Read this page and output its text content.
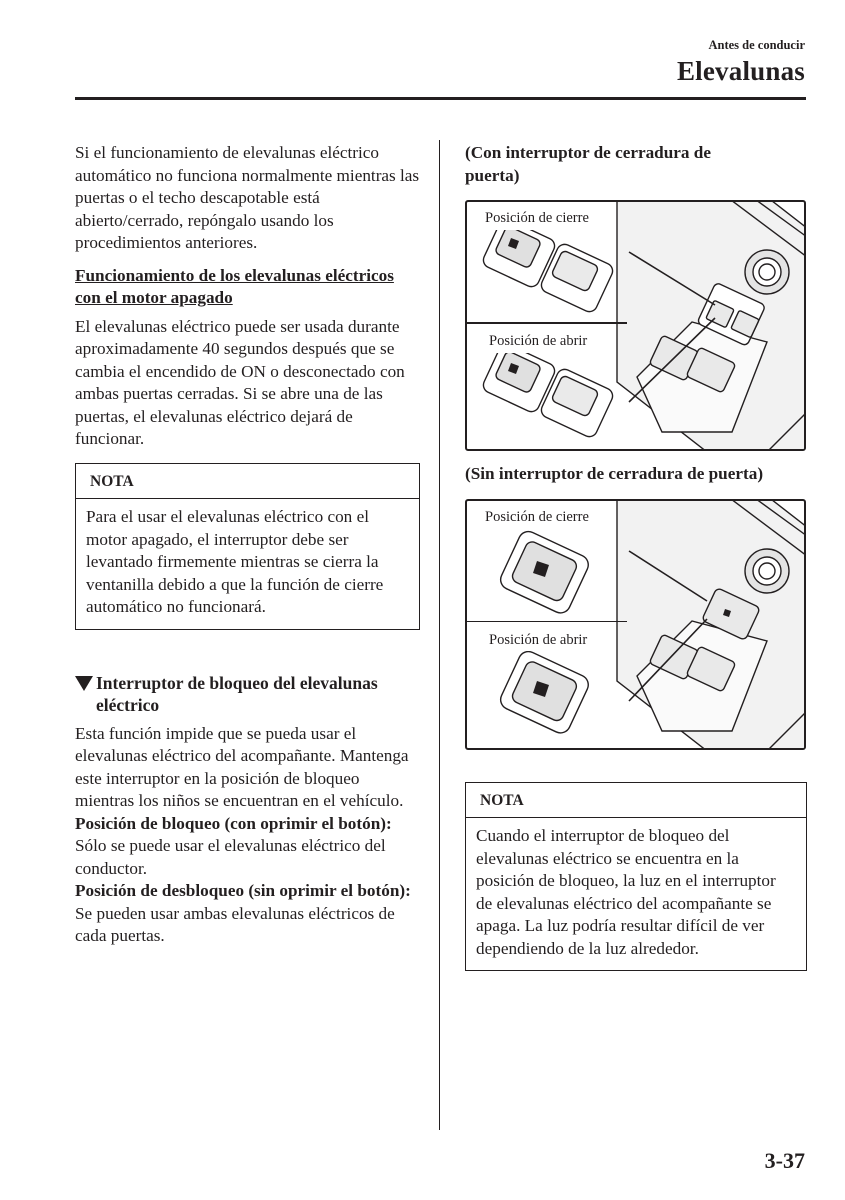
Antes de conducir
Elevalunas

Si el funcionamiento de elevalunas eléctrico automático no funciona normalmente mientras las puertas o el techo descapotable está abierto/cerrado, repóngalo usando los procedimientos anteriores.

Funcionamiento de los elevalunas eléctricos con el motor apagado

El elevalunas eléctrico puede ser usada durante aproximadamente 40 segundos después que se cambia el encendido de ON o desconectado con ambas puertas cerradas. Si se abre una de las puertas, el elevalunas eléctrico dejará de funcionar.

NOTA
Para el usar el elevalunas eléctrico con el motor apagado, el interruptor debe ser levantado firmemente mientras se cierra la ventanilla debido a que la función de cierre automático no funcionará.
Interruptor de bloqueo del elevalunas eléctrico

Esta función impide que se pueda usar el elevalunas eléctrico del acompañante. Mantenga este interruptor en la posición de bloqueo mientras los niños se encuentran en el vehículo.

Posición de bloqueo (con oprimir el botón):

Sólo se puede usar el elevalunas eléctrico del conductor.

Posición de desbloqueo (sin oprimir el botón):

Se pueden usar ambas elevalunas eléctricos de cada puertas.

(Con interruptor de cerradura de puerta)

Posición de cierre
Posición de abrir

(Sin interruptor de cerradura de puerta)

Posición de cierre
Posición de abrir
NOTA
Cuando el interruptor de bloqueo del elevalunas eléctrico se encuentra en la posición de bloqueo, la luz en el interruptor de elevalunas eléctrico del acompañante se apaga. La luz podría resultar difícil de ver dependiendo de la luz alrededor.
3-37
